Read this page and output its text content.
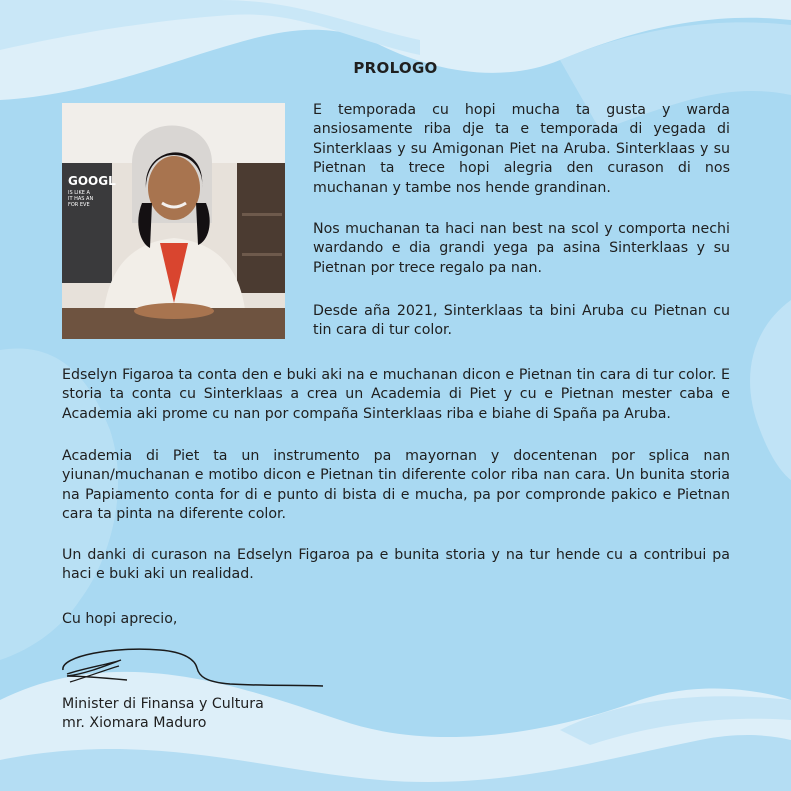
PROLOGO
GOOGL
IS LIKE A
IT HAS AN
FOR EVE

E temporada cu hopi mucha ta gusta y warda ansiosamente riba dje ta e temporada di yegada di Sinterklaas y su Amigonan Piet na Aruba. Sinterklaas y su Pietnan ta trece hopi alegria den curason di nos muchanan y tambe nos hende grandinan.

Nos muchanan ta haci nan best na scol y comporta nechi wardando e dia grandi yega pa asina Sinterklaas y su Pietnan por trece regalo pa nan.

Desde aña 2021, Sinterklaas ta bini Aruba cu Pietnan cu tin cara di tur color.

Edselyn Figaroa ta conta den e buki aki na e muchanan dicon e Pietnan tin cara di tur color. E storia ta conta cu Sinterklaas a crea un Academia di Piet y cu e Pietnan mester caba e Academia aki prome cu nan por compaña Sinterklaas riba e biahe di Spaña pa Aruba.

Academia di Piet ta un instrumento pa mayornan y docentenan por splica nan yiunan/muchanan e motibo dicon e Pietnan tin diferente color riba nan cara. Un bunita storia na Papiamento conta for di e punto di bista di e mucha, pa por compronde pakico e Pietnan cara ta pinta na diferente color.

Un danki di curason na Edselyn Figaroa pa e bunita storia y na tur hende cu a contribui pa haci e buki aki un realidad.

Cu hopi aprecio,

Minister di Finansa y Cultura

mr. Xiomara Maduro
